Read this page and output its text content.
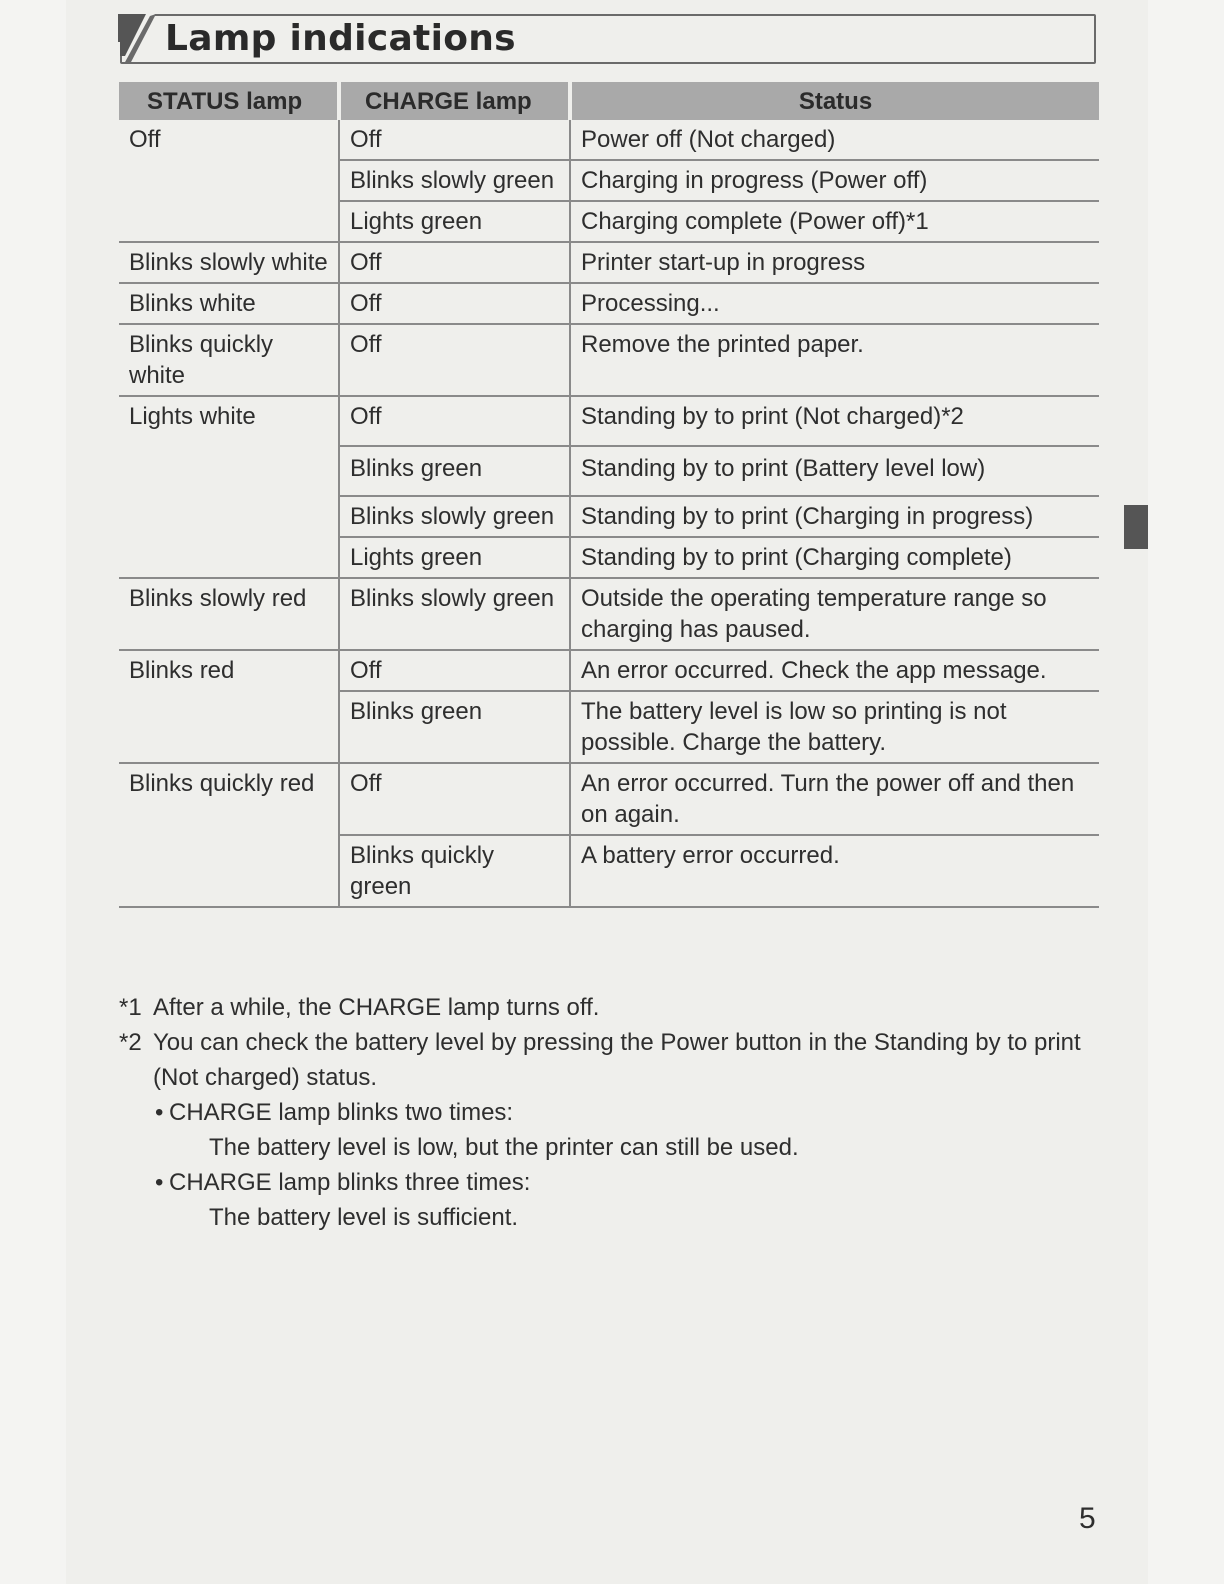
Lamp indications
STATUS lamp	CHARGE lamp	Status
Off	Off	Power off (Not charged)
	Blinks slowly green	Charging in progress (Power off)
	Lights green	Charging complete (Power off)*1
Blinks slowly white	Off	Printer start-up in progress
Blinks white	Off	Processing...
Blinks quickly white	Off	Remove the printed paper.
Lights white	Off	Standing by to print (Not charged)*2
	Blinks green	Standing by to print (Battery level low)
	Blinks slowly green	Standing by to print (Charging in progress)
	Lights green	Standing by to print (Charging complete)
Blinks slowly red	Blinks slowly green	Outside the operating temperature range so charging has paused.
Blinks red	Off	An error occurred. Check the app message.
	Blinks green	The battery level is low so printing is not possible. Charge the battery.
Blinks quickly red	Off	An error occurred. Turn the power off and then on again.
	Blinks quickly green	A battery error occurred.
*1 After a while, the CHARGE lamp turns off.
*2 You can check the battery level by pressing the Power button in the Standing by to print (Not charged) status.
• CHARGE lamp blinks two times:
The battery level is low, but the printer can still be used.
• CHARGE lamp blinks three times:
The battery level is sufficient.
5
